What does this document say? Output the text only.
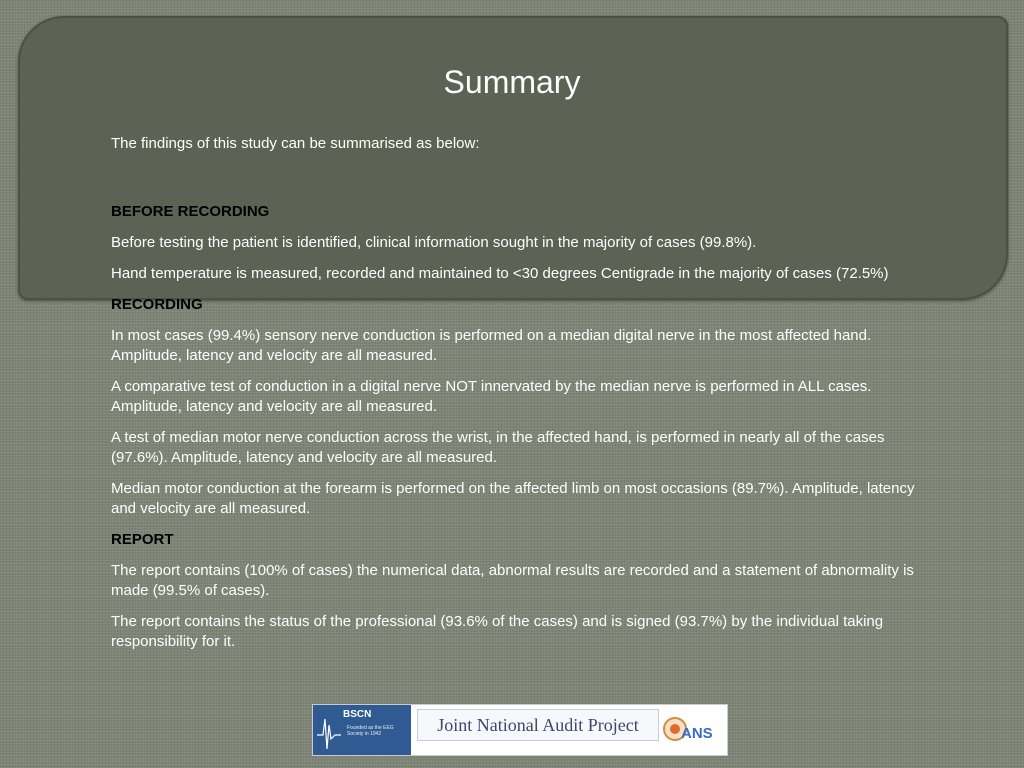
Summary

The findings of this study can be summarised as below:

BEFORE RECORDING

Before testing the patient is identified, clinical information sought in the majority of cases (99.8%).

Hand temperature is measured, recorded and maintained to <30 degrees Centigrade in the majority of cases (72.5%)

RECORDING

In most cases (99.4%) sensory nerve conduction is performed on a median digital nerve in the most affected hand. Amplitude, latency and velocity are all measured.

A comparative test of conduction in a digital nerve NOT innervated by the median nerve is performed in ALL cases. Amplitude, latency and velocity are all measured.

A test of median motor nerve conduction across the wrist, in the affected hand, is performed in nearly all of the cases (97.6%). Amplitude, latency and velocity are all measured.

Median motor conduction at the forearm is performed on the affected limb on most occasions (89.7%). Amplitude, latency and velocity are all measured.

REPORT

The report contains (100% of cases) the numerical data, abnormal results are recorded and a statement of abnormality is made (99.5% of cases).

The report contains the status of the professional (93.6% of the cases) and is signed (93.7%) by the individual taking responsibility for it.

BSCN
Founded as the EEG Society in 1942	Joint National Audit Project	ANS
